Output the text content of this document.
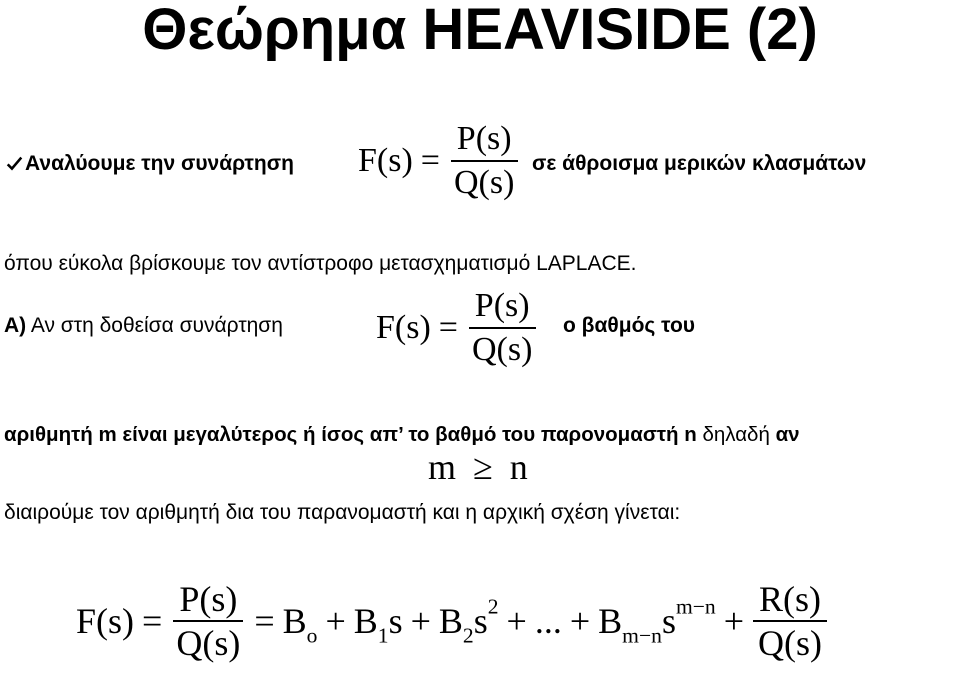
Θεώρημα HEAVISIDE (2)
Αναλύουμε την συνάρτηση $F(s) = \frac{P(s)}{Q(s)}$ σε άθροισμα μερικών κλασμάτων
όπου εύκολα βρίσκουμε τον αντίστροφο μετασχηματισμό LAPLACE.
Α) Αν στη δοθείσα συνάρτηση	$F(s) = \frac{P(s)}{Q(s)}$ ο βαθμός του
αριθμητή m είναι μεγαλύτερος ή ίσος απ’ το βαθμό του παρονομαστή n δηλαδή αν
m ≥ n
διαιρούμε τον αριθμητή δια του παρανομαστή και η αρχική σχέση γίνεται:
$F(s) = \frac{P(s)}{Q(s)} = B_o + B_1s + B_2s^2$ + ... + $B_{m-n}s^{m-n} + \frac{R(s)}{Q(s)}$
